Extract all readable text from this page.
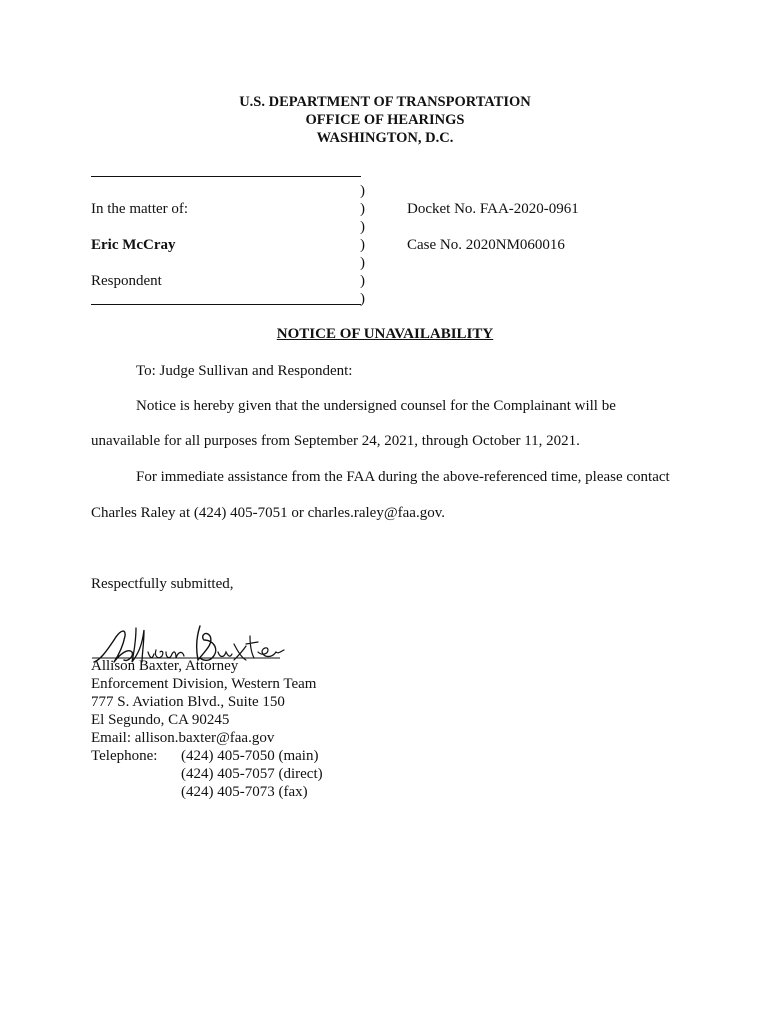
U.S. DEPARTMENT OF TRANSPORTATION
OFFICE OF HEARINGS
WASHINGTON, D.C.
)
)
)
)
)
)
)
In the matter of:
Eric McCray
Respondent
Docket No. FAA-2020-0961
Case No. 2020NM060016
NOTICE OF UNAVAILABILITY
To: Judge Sullivan and Respondent:
Notice is hereby given that the undersigned counsel for the Complainant will be
unavailable for all purposes from September 24, 2021, through October 11, 2021.
For immediate assistance from the FAA during the above-referenced time, please contact
Charles Raley at (424) 405-7051 or charles.raley@faa.gov.
Respectfully submitted,
Allison Baxter, Attorney
Enforcement Division, Western Team
777 S. Aviation Blvd., Suite 150
El Segundo, CA 90245
Email: allison.baxter@faa.gov
Telephone: (424) 405-7050 (main)
(424) 405-7057 (direct)
(424) 405-7073 (fax)
